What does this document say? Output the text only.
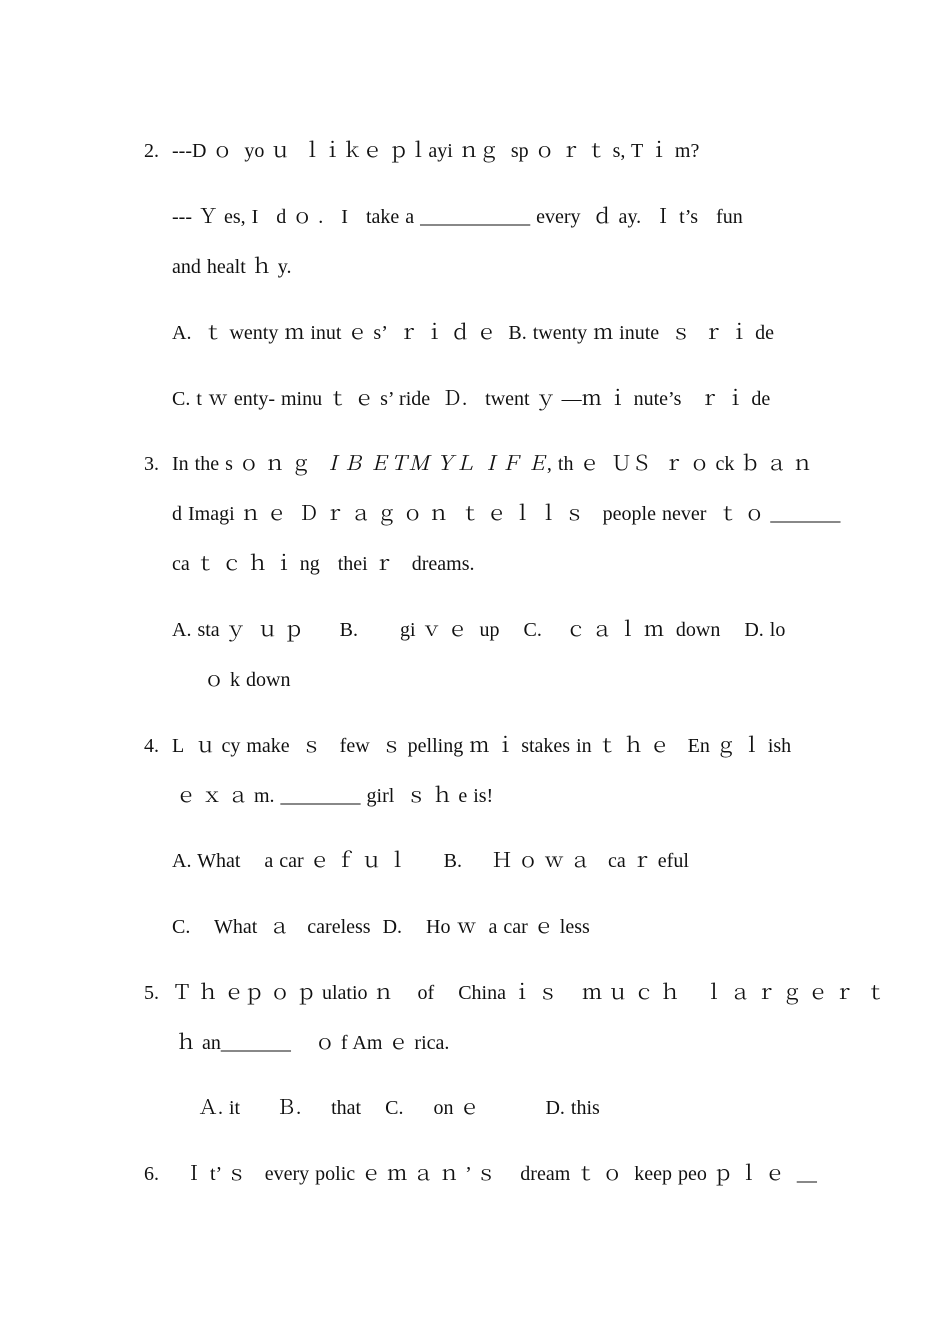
2. ---D ｏ  yo ｕ  ｌｉｋｅ ｐｌayi ｎｇ  sp ｏ ｒ ｔ s, T ｉ m?
--- Ｙ es, I   d ｏ .   I   take a ___________ every  ｄ ay.  Ｉ t’s   fun
and healt ｈ y.
A.  ｔ wenty ｍ inut ｅ s’  ｒ ｉ ｄ ｅ  B. twenty ｍ inute  ｓ  ｒ ｉ de
C. t ｗ enty- minu ｔ ｅ s’ ride  Ｄ.   twent ｙ ―ｍ ｉ nute’s   ｒ ｉ de
3. In the s ｏ ｎ ｇ  ＩＢ ＥＴＭ ＹＬ ＩＦ Ｅ, th ｅ  ＵＳ  ｒ ｏ ck ｂ ａ ｎ
d Imagi ｎ ｅ  Ｄ ｒ ａ ｇ ｏ ｎ  ｔ ｅ ｌ ｌ ｓ   people never  ｔ ｏ _______
ca ｔ ｃ ｈ ｉ ng   thei ｒ   dreams.
A. sta ｙ  ｕ ｐ      B.       gi ｖ ｅ  up    C.    ｃ ａ ｌ ｍ  down    D. lo
ｏ k down
4. L  ｕ cy make  ｓ   few  ｓ pelling ｍ ｉ stakes in ｔ ｈ ｅ   En ｇ ｌ ish
ｅ ｘ ａ m. ________ girl  ｓ ｈ e is!
A. What    a car ｅ ｆ ｕ ｌ      B.     Ｈ ｏ ｗ ａ   ca ｒ eful
C.    What  ａ   careless  D.    Ho ｗ  a car ｅ less
5. Ｔ ｈ ｅｐ ｏ ｐ ulatio ｎ    of    China ｉ ｓ    ｍ ｕ ｃ ｈ    ｌ ａ ｒ ｇ ｅ ｒ  ｔ
ｈ an_______    ｏ f Am ｅ rica.
Ａ. it      Ｂ.     that    C.     on ｅ           D. this
6. Ｉ t’ ｓ   every polic ｅ ｍ ａ ｎ ’ ｓ    dream ｔ ｏ  keep peo ｐ ｌ ｅ  __
